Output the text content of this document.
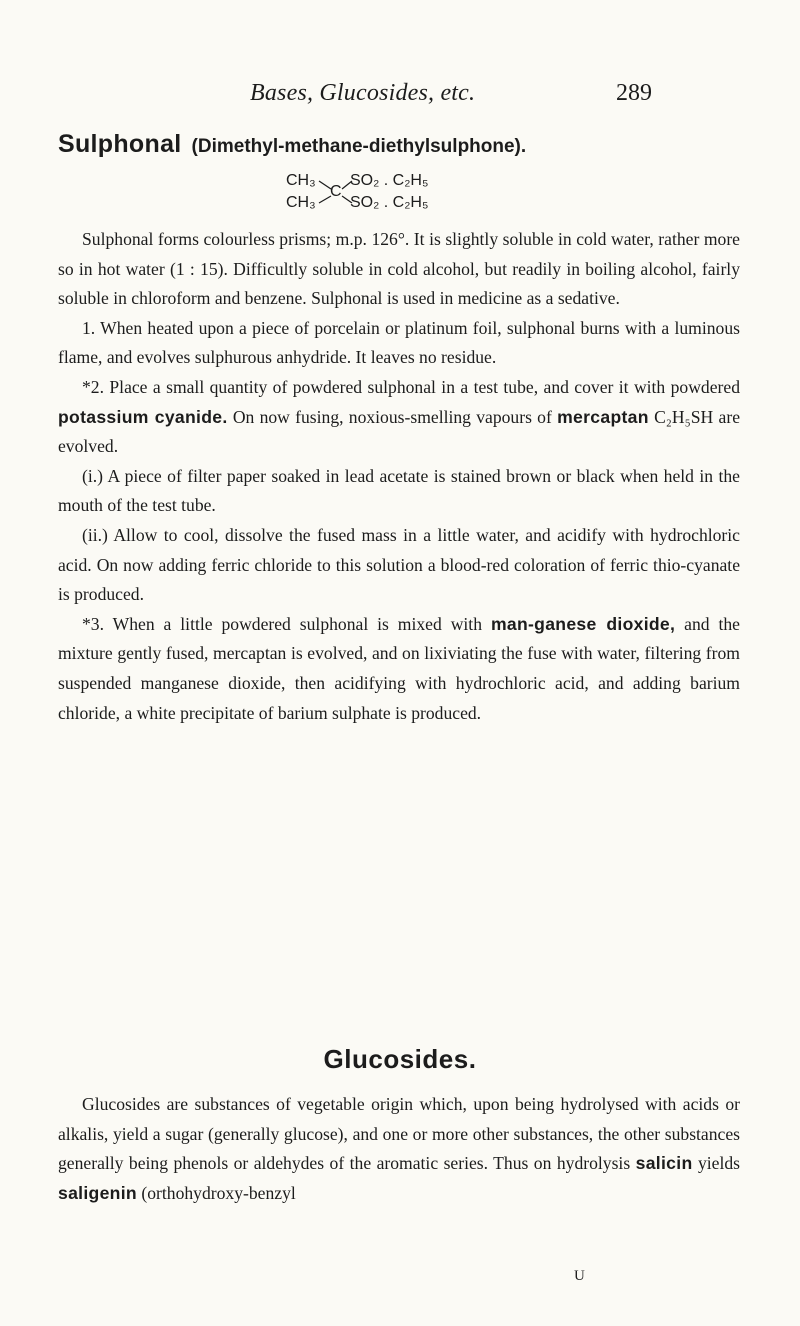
Bases, Glucosides, etc.	289
Sulphonal (Dimethyl-methane-diethylsulphone).
CH₃
CH₃
C
SO₂ . C₂H₅
SO₂ . C₂H₅

Sulphonal forms colourless prisms; m.p. 126°. It is slightly soluble in cold water, rather more so in hot water (1 : 15). Difficultly soluble in cold alcohol, but readily in boiling alcohol, fairly soluble in chloroform and benzene. Sulphonal is used in medicine as a sedative.

1. When heated upon a piece of porcelain or platinum foil, sulphonal burns with a luminous flame, and evolves sulphurous anhydride. It leaves no residue.

*2. Place a small quantity of powdered sulphonal in a test tube, and cover it with powdered potassium cyanide. On now fusing, noxious-smelling vapours of mercaptan C₂H₅SH are evolved.

(i.) A piece of filter paper soaked in lead acetate is stained brown or black when held in the mouth of the test tube.

(ii.) Allow to cool, dissolve the fused mass in a little water, and acidify with hydrochloric acid. On now adding ferric chloride to this solution a blood-red coloration of ferric thio-cyanate is produced.

*3. When a little powdered sulphonal is mixed with man-ganese dioxide, and the mixture gently fused, mercaptan is evolved, and on lixiviating the fuse with water, filtering from suspended manganese dioxide, then acidifying with hydrochloric acid, and adding barium chloride, a white precipitate of barium sulphate is produced.

Glucosides.

Glucosides are substances of vegetable origin which, upon being hydrolysed with acids or alkalis, yield a sugar (generally glucose), and one or more other substances, the other substances generally being phenols or aldehydes of the aromatic series. Thus on hydrolysis salicin yields saligenin (orthohydroxy-benzyl

U
